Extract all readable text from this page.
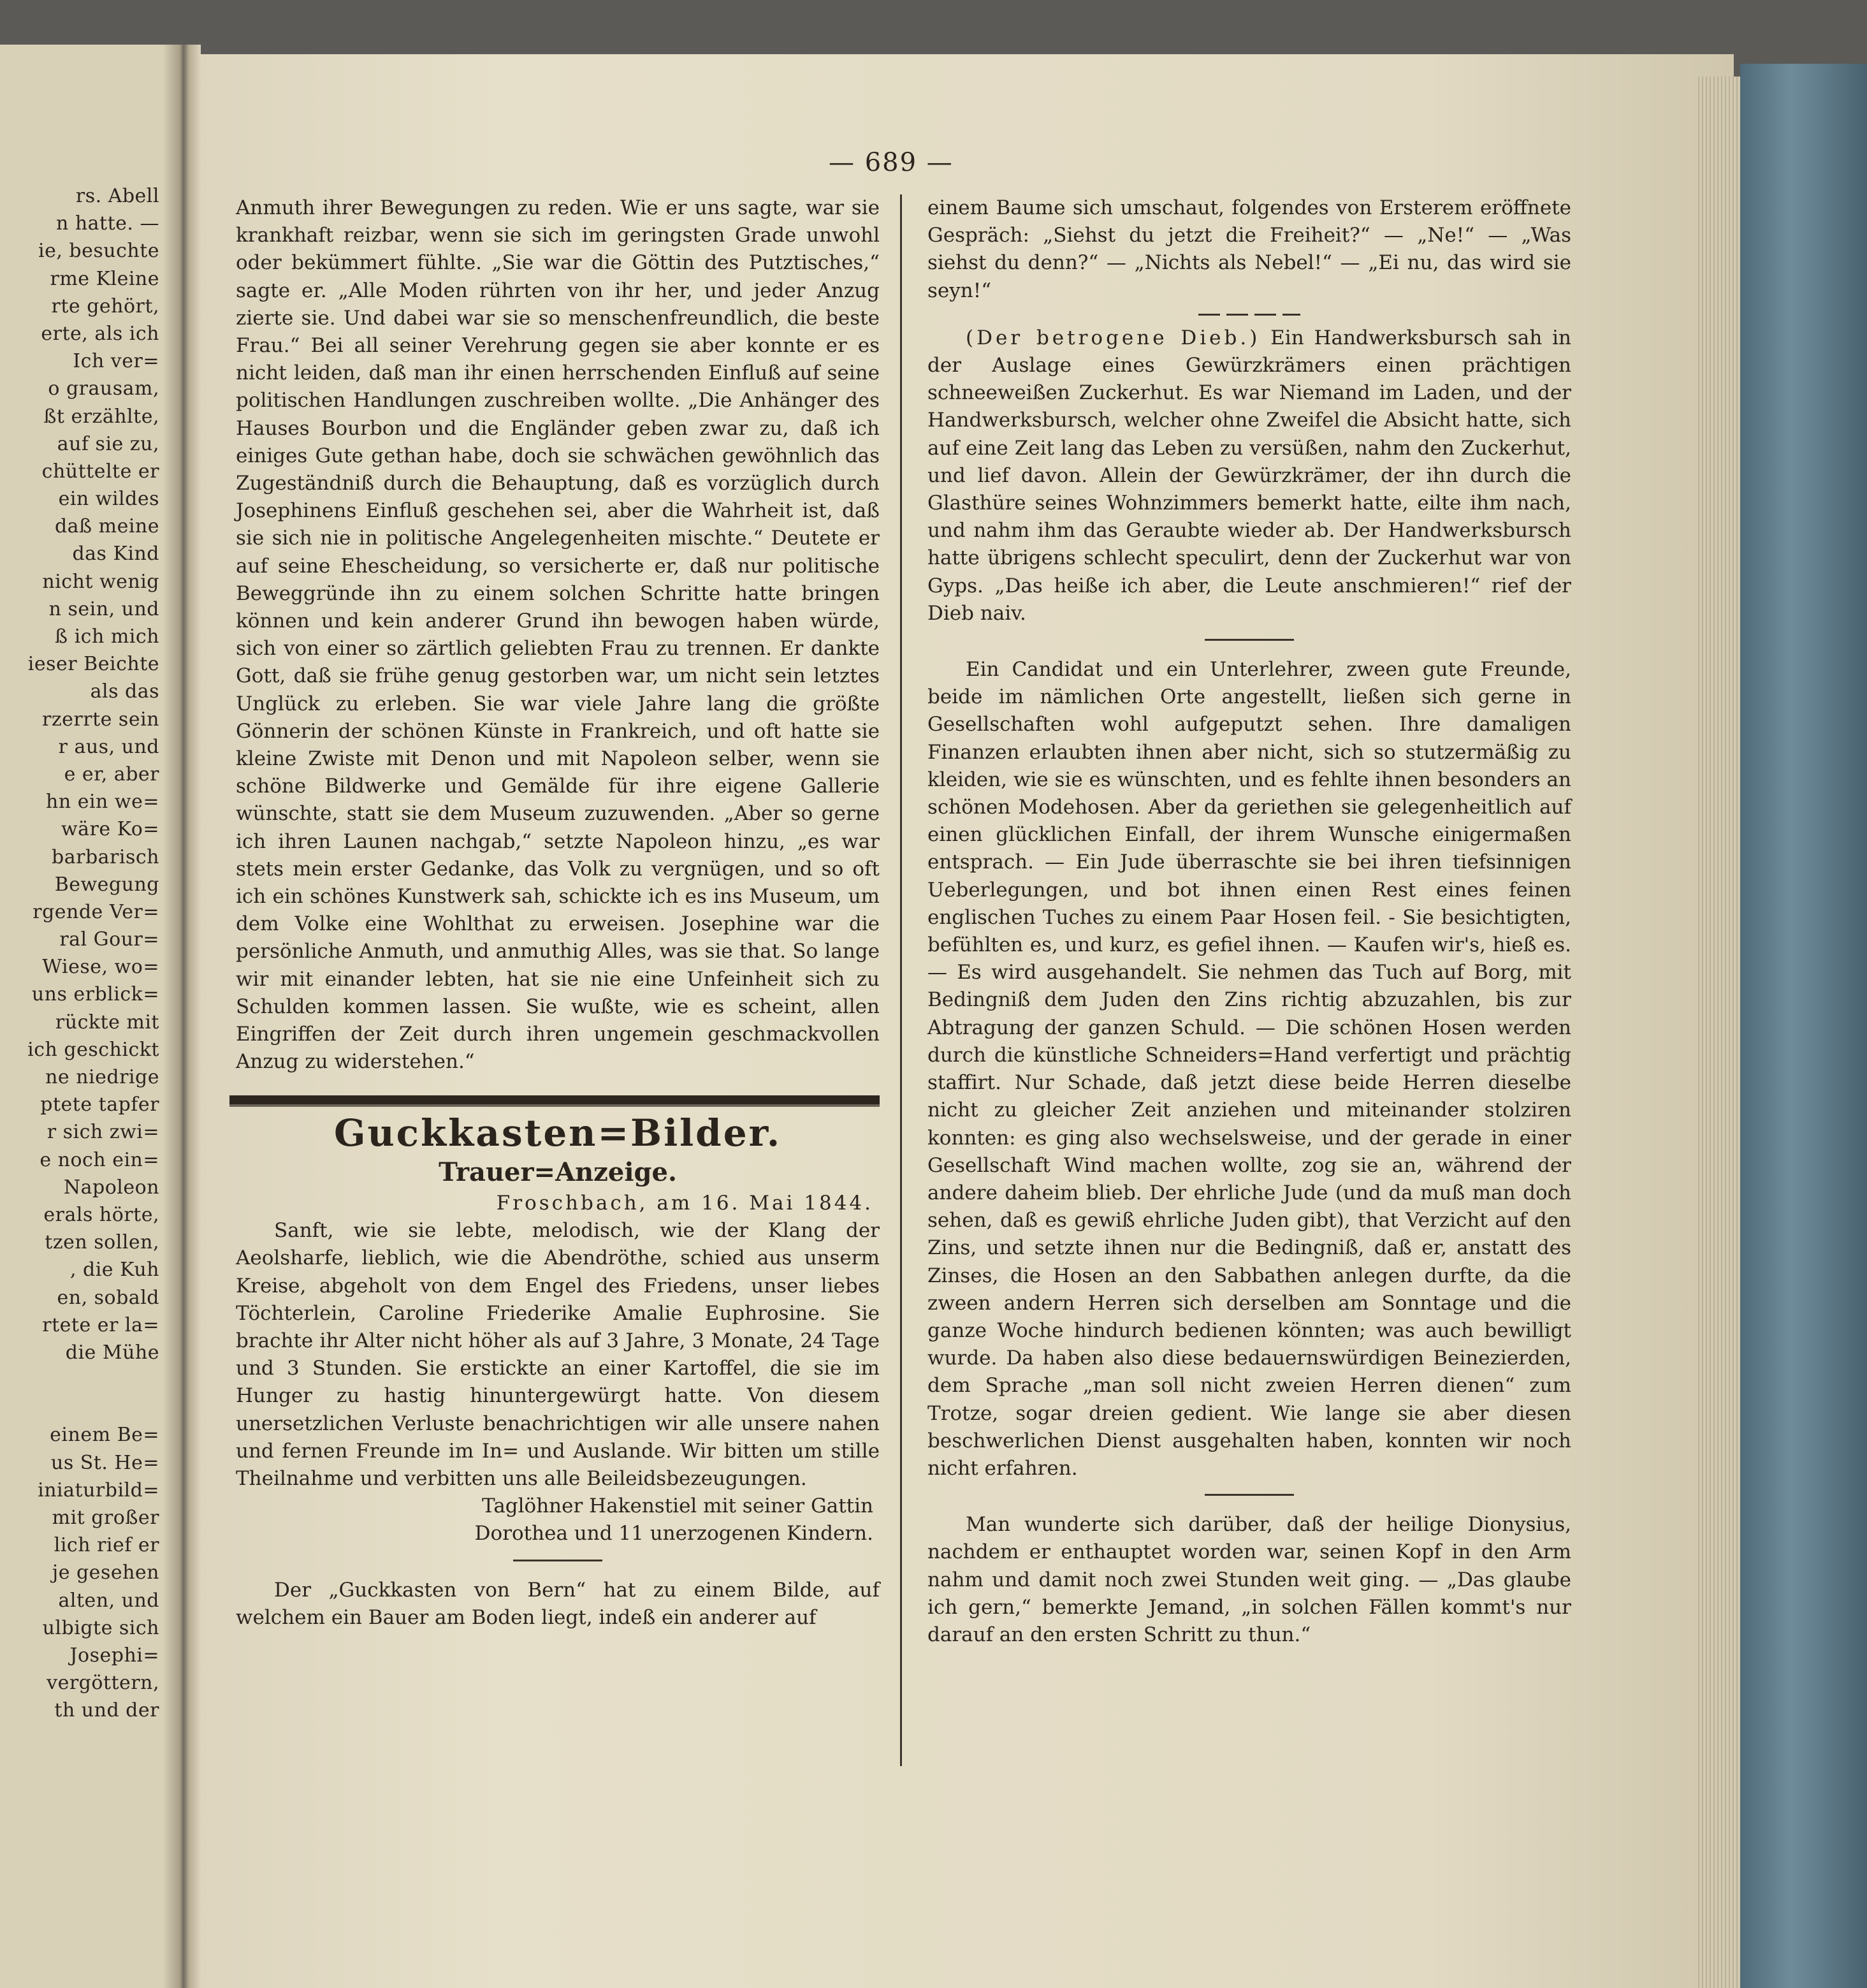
rs. Abell
n hatte. —
ie, besuchte
rme Kleine
rte gehört,
erte, als ich
Ich ver=
o grausam,
ßt erzählte,
auf sie zu,
chüttelte er
ein wildes
daß meine
das Kind
nicht wenig
n sein, und
ß ich mich
ieser Beichte
als das
rzerrte sein
r aus, und
e er, aber
hn ein we=
wäre Ko=
barbarisch
Bewegung
rgende Ver=
ral Gour=
Wiese, wo=
uns erblick=
rückte mit
ich geschickt
ne niedrige
ptete tapfer
r sich zwi=
e noch ein=
Napoleon
erals hörte,
tzen sollen,
, die Kuh
en, sobald
rtete er la=
die Mühe
einem Be=
us St. He=
iniaturbild=
mit großer
lich rief er
je gesehen
alten, und
ulbigte sich
Josephi=
vergöttern,
th und der
— 689 —

Anmuth ihrer Bewegungen zu reden. Wie er uns sagte, war sie krankhaft reizbar, wenn sie sich im geringsten Grade unwohl oder bekümmert fühlte. „Sie war die Göttin des Putztisches,“ sagte er. „Alle Moden rührten von ihr her, und jeder Anzug zierte sie. Und dabei war sie so menschenfreundlich, die beste Frau.“ Bei all seiner Verehrung gegen sie aber konnte er es nicht leiden, daß man ihr einen herrschenden Einfluß auf seine politischen Handlungen zuschreiben wollte. „Die Anhänger des Hauses Bourbon und die Engländer geben zwar zu, daß ich einiges Gute gethan habe, doch sie schwächen gewöhnlich das Zugeständniß durch die Behauptung, daß es vorzüglich durch Josephinens Einfluß geschehen sei, aber die Wahrheit ist, daß sie sich nie in politische Angelegenheiten mischte.“ Deutete er auf seine Ehescheidung, so versicherte er, daß nur politische Beweggründe ihn zu einem solchen Schritte hatte bringen können und kein anderer Grund ihn bewogen haben würde, sich von einer so zärtlich geliebten Frau zu trennen. Er dankte Gott, daß sie frühe genug gestorben war, um nicht sein letztes Unglück zu erleben. Sie war viele Jahre lang die größte Gönnerin der schönen Künste in Frankreich, und oft hatte sie kleine Zwiste mit Denon und mit Napoleon selber, wenn sie schöne Bildwerke und Gemälde für ihre eigene Gallerie wünschte, statt sie dem Museum zuzuwenden. „Aber so gerne ich ihren Launen nachgab,“ setzte Napoleon hinzu, „es war stets mein erster Gedanke, das Volk zu vergnügen, und so oft ich ein schönes Kunstwerk sah, schickte ich es ins Museum, um dem Volke eine Wohlthat zu erweisen. Josephine war die persönliche Anmuth, und anmuthig Alles, was sie that. So lange wir mit einander lebten, hat sie nie eine Unfeinheit sich zu Schulden kommen lassen. Sie wußte, wie es scheint, allen Eingriffen der Zeit durch ihren ungemein geschmackvollen Anzug zu widerstehen.“

Guckkasten=Bilder.
Trauer=Anzeige.
Froschbach, am 16. Mai 1844.

Sanft, wie sie lebte, melodisch, wie der Klang der Aeolsharfe, lieblich, wie die Abendröthe, schied aus unserm Kreise, abgeholt von dem Engel des Friedens, unser liebes Töchterlein, Caroline Friederike Amalie Euphrosine. Sie brachte ihr Alter nicht höher als auf 3 Jahre, 3 Monate, 24 Tage und 3 Stunden. Sie erstickte an einer Kartoffel, die sie im Hunger zu hastig hinuntergewürgt hatte. Von diesem unersetzlichen Verluste benachrichtigen wir alle unsere nahen und fernen Freunde im In= und Auslande. Wir bitten um stille Theilnahme und verbitten uns alle Beileidsbezeugungen.

Taglöhner Hakenstiel mit seiner Gattin
Dorothea und 11 unerzogenen Kindern.

Der „Guckkasten von Bern“ hat zu einem Bilde, auf welchem ein Bauer am Boden liegt, indeß ein anderer auf

einem Baume sich umschaut, folgendes von Ersterem eröffnete Gespräch: „Siehst du jetzt die Freiheit?“ — „Ne!“ — „Was siehst du denn?“ — „Nichts als Nebel!“ — „Ei nu, das wird sie seyn!“

(Der betrogene Dieb.) Ein Handwerksbursch sah in der Auslage eines Gewürzkrämers einen prächtigen schneeweißen Zuckerhut. Es war Niemand im Laden, und der Handwerksbursch, welcher ohne Zweifel die Absicht hatte, sich auf eine Zeit lang das Leben zu versüßen, nahm den Zuckerhut, und lief davon. Allein der Gewürzkrämer, der ihn durch die Glasthüre seines Wohnzimmers bemerkt hatte, eilte ihm nach, und nahm ihm das Geraubte wieder ab. Der Handwerksbursch hatte übrigens schlecht speculirt, denn der Zuckerhut war von Gyps. „Das heiße ich aber, die Leute anschmieren!“ rief der Dieb naiv.

Ein Candidat und ein Unterlehrer, zween gute Freunde, beide im nämlichen Orte angestellt, ließen sich gerne in Gesellschaften wohl aufgeputzt sehen. Ihre damaligen Finanzen erlaubten ihnen aber nicht, sich so stutzermäßig zu kleiden, wie sie es wünschten, und es fehlte ihnen besonders an schönen Modehosen. Aber da geriethen sie gelegenheitlich auf einen glücklichen Einfall, der ihrem Wunsche einigermaßen entsprach. — Ein Jude überraschte sie bei ihren tiefsinnigen Ueberlegungen, und bot ihnen einen Rest eines feinen englischen Tuches zu einem Paar Hosen feil. - Sie besichtigten, befühlten es, und kurz, es gefiel ihnen. — Kaufen wir's, hieß es. — Es wird ausgehandelt. Sie nehmen das Tuch auf Borg, mit Bedingniß dem Juden den Zins richtig abzuzahlen, bis zur Abtragung der ganzen Schuld. — Die schönen Hosen werden durch die künstliche Schneiders=Hand verfertigt und prächtig staffirt. Nur Schade, daß jetzt diese beide Herren dieselbe nicht zu gleicher Zeit anziehen und miteinander stolziren konnten: es ging also wechselsweise, und der gerade in einer Gesellschaft Wind machen wollte, zog sie an, während der andere daheim blieb. Der ehrliche Jude (und da muß man doch sehen, daß es gewiß ehrliche Juden gibt), that Verzicht auf den Zins, und setzte ihnen nur die Bedingniß, daß er, anstatt des Zinses, die Hosen an den Sabbathen anlegen durfte, da die zween andern Herren sich derselben am Sonntage und die ganze Woche hindurch bedienen könnten; was auch bewilligt wurde. Da haben also diese bedauernswürdigen Beinezierden, dem Sprache „man soll nicht zweien Herren dienen“ zum Trotze, sogar dreien gedient. Wie lange sie aber diesen beschwerlichen Dienst ausgehalten haben, konnten wir noch nicht erfahren.

Man wunderte sich darüber, daß der heilige Dionysius, nachdem er enthauptet worden war, seinen Kopf in den Arm nahm und damit noch zwei Stunden weit ging. — „Das glaube ich gern,“ bemerkte Jemand, „in solchen Fällen kommt's nur darauf an den ersten Schritt zu thun.“
